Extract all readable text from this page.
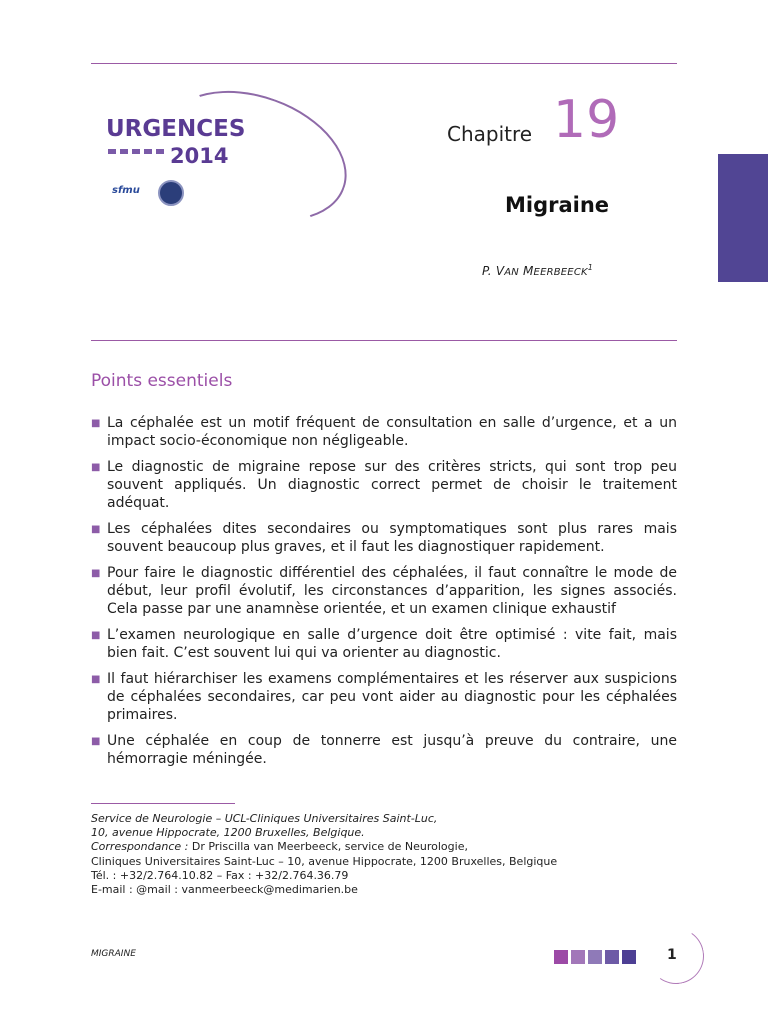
URGENCES
2014
sfmu
Chapitre 19
Migraine
P. VAN MEERBEECK$^1$
Points essentiels
■ La céphalée est un motif fréquent de consultation en salle d’urgence, et a un impact socio-économique non négligeable.
■ Le diagnostic de migraine repose sur des critères stricts, qui sont trop peu souvent appliqués. Un diagnostic correct permet de choisir le traitement adéquat.
■ Les céphalées dites secondaires ou symptomatiques sont plus rares mais souvent beaucoup plus graves, et il faut les diagnostiquer rapidement.
■ Pour faire le diagnostic différentiel des céphalées, il faut connaître le mode de début, leur profil évolutif, les circonstances d’apparition, les signes associés. Cela passe par une anamnèse orientée, et un examen clinique exhaustif
■ L’examen neurologique en salle d’urgence doit être optimisé : vite fait, mais bien fait. C’est souvent lui qui va orienter au diagnostic.
■ Il faut hiérarchiser les examens complémentaires et les réserver aux suspicions de céphalées secondaires, car peu vont aider au diagnostic pour les céphalées primaires.
■ Une céphalée en coup de tonnerre est jusqu’à preuve du contraire, une hémorragie méningée.
Service de Neurologie – UCL-Cliniques Universitaires Saint-Luc,
10, avenue Hippocrate, 1200 Bruxelles, Belgique.
Correspondance : Dr Priscilla van Meerbeeck, service de Neurologie,
Cliniques Universitaires Saint-Luc – 10, avenue Hippocrate, 1200 Bruxelles, Belgique
Tél. : +32/2.764.10.82 – Fax : +32/2.764.36.79
E-mail : @mail : vanmeerbeeck@medimarien.be
MIGRAINE	1
